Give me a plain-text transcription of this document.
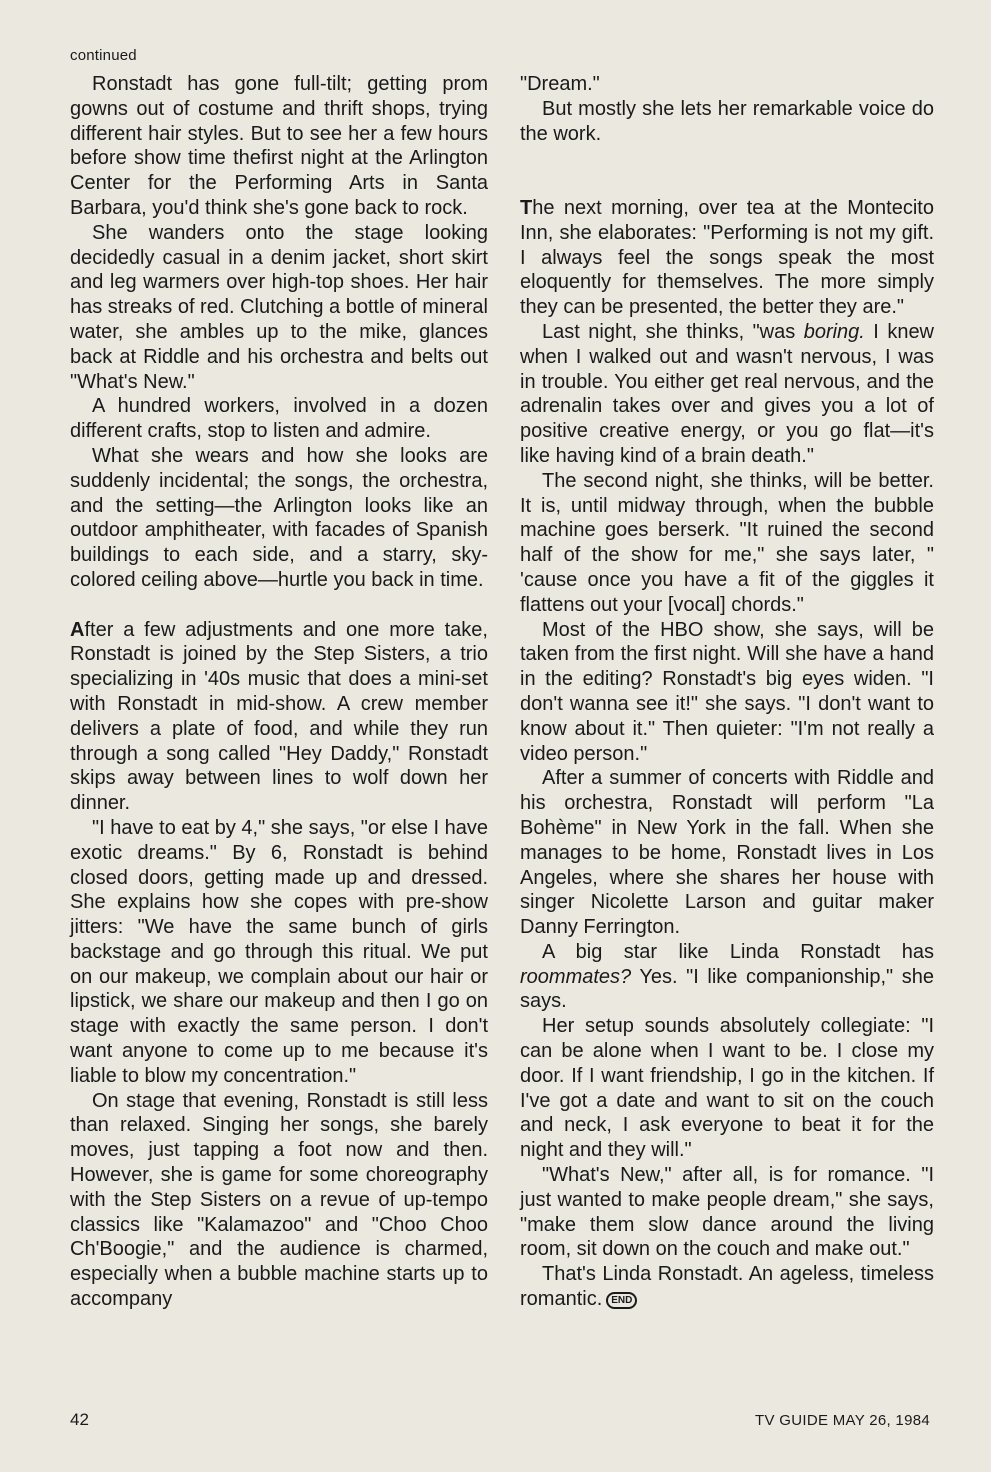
continued

Ronstadt has gone full-tilt; getting prom gowns out of costume and thrift shops, trying different hair styles. But to see her a few hours before show time thefirst night at the Arlington Center for the Performing Arts in Santa Barbara, you'd think she's gone back to rock.

She wanders onto the stage looking decidedly casual in a denim jacket, short skirt and leg warmers over high-top shoes. Her hair has streaks of red. Clutching a bottle of mineral water, she ambles up to the mike, glances back at Riddle and his orchestra and belts out "What's New."

A hundred workers, involved in a dozen different crafts, stop to listen and admire.

What she wears and how she looks are suddenly incidental; the songs, the orchestra, and the setting—the Arlington looks like an outdoor amphitheater, with facades of Spanish buildings to each side, and a starry, sky-colored ceiling above—hurtle you back in time.

After a few adjustments and one more take, Ronstadt is joined by the Step Sisters, a trio specializing in '40s music that does a mini-set with Ronstadt in mid-show. A crew member delivers a plate of food, and while they run through a song called "Hey Daddy," Ronstadt skips away between lines to wolf down her dinner.

"I have to eat by 4," she says, "or else I have exotic dreams." By 6, Ronstadt is behind closed doors, getting made up and dressed. She explains how she copes with pre-show jitters: "We have the same bunch of girls backstage and go through this ritual. We put on our makeup, we complain about our hair or lipstick, we share our makeup and then I go on stage with exactly the same person. I don't want anyone to come up to me because it's liable to blow my concentration."

On stage that evening, Ronstadt is still less than relaxed. Singing her songs, she barely moves, just tapping a foot now and then. However, she is game for some choreography with the Step Sisters on a revue of up-tempo classics like "Kalamazoo" and "Choo Choo Ch'Boogie," and the audience is charmed, especially when a bubble machine starts up to accompany

"Dream."

But mostly she lets her remarkable voice do the work.

The next morning, over tea at the Montecito Inn, she elaborates: "Performing is not my gift. I always feel the songs speak the most eloquently for themselves. The more simply they can be presented, the better they are."

Last night, she thinks, "was boring. I knew when I walked out and wasn't nervous, I was in trouble. You either get real nervous, and the adrenalin takes over and gives you a lot of positive creative energy, or you go flat—it's like having kind of a brain death."

The second night, she thinks, will be better. It is, until midway through, when the bubble machine goes berserk. "It ruined the second half of the show for me," she says later, " 'cause once you have a fit of the giggles it flattens out your [vocal] chords."

Most of the HBO show, she says, will be taken from the first night. Will she have a hand in the editing? Ronstadt's big eyes widen. "I don't wanna see it!" she says. "I don't want to know about it." Then quieter: "I'm not really a video person."

After a summer of concerts with Riddle and his orchestra, Ronstadt will perform "La Bohème" in New York in the fall. When she manages to be home, Ronstadt lives in Los Angeles, where she shares her house with singer Nicolette Larson and guitar maker Danny Ferrington.

A big star like Linda Ronstadt has roommates? Yes. "I like companionship," she says.

Her setup sounds absolutely collegiate: "I can be alone when I want to be. I close my door. If I want friendship, I go in the kitchen. If I've got a date and want to sit on the couch and neck, I ask everyone to beat it for the night and they will."

"What's New," after all, is for romance. "I just wanted to make people dream," she says, "make them slow dance around the living room, sit down on the couch and make out."

That's Linda Ronstadt. An ageless, timeless romantic. END

42	TV GUIDE MAY 26, 1984
